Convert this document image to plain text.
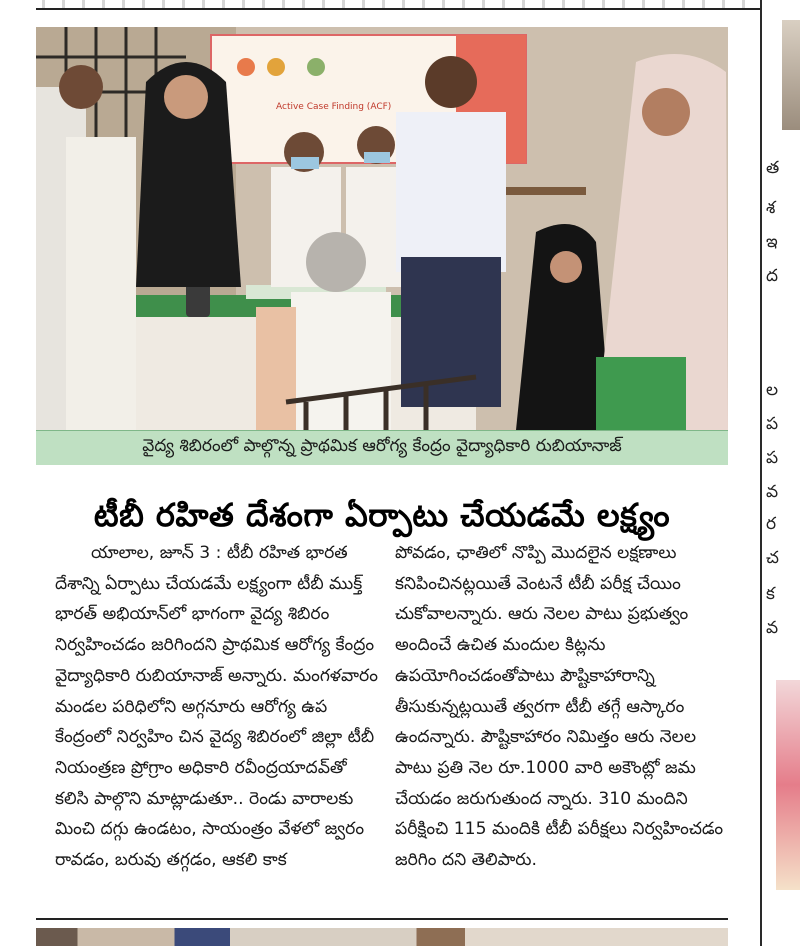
Active Case Finding (ACF)
వైద్య శిబిరంలో పాల్గొన్న ప్రాథమిక ఆరోగ్య కేంద్రం వైద్యాధికారి రుబియానాజ్
టీబీ రహిత దేశంగా ఏర్పాటు చేయడమే లక్ష్యం

యాలాల, జూన్ 3 : టీబీ రహిత భారత దేశాన్ని ఏర్పాటు చేయడమే లక్ష్యంగా టీబీ ముక్త్ భారత్ అభియాన్‌లో భాగంగా వైద్య శిబిరం నిర్వహించడం జరిగిందని ప్రాథమిక ఆరోగ్య కేంద్రం వైద్యాధికారి రుబియానాజ్ అన్నారు. మంగళవారం మండల పరిధిలోని అగ్గనూరు ఆరోగ్య ఉప కేంద్రంలో నిర్వహిం చిన వైద్య శిబిరంలో జిల్లా టీబీ నియంత్రణ ప్రోగ్రాం అధికారి రవీంద్రయాదవ్‌తో కలిసి పాల్గొని మాట్లాడుతూ.. రెండు వారాలకు మించి దగ్గు ఉండటం, సాయంత్రం వేళలో జ్వరం రావడం, బరువు తగ్గడం, ఆకలి కాక

పోవడం, ఛాతిలో నొప్పి మొదలైన లక్షణాలు కనిపించినట్లయితే వెంటనే టీబీ పరీక్ష చేయిం చుకోవాలన్నారు. ఆరు నెలల పాటు ప్రభుత్వం అందించే ఉచిత మందుల కిట్లను ఉపయోగించడంతోపాటు పౌష్టికాహారాన్ని తీసుకున్నట్లయితే త్వరగా టీబీ తగ్గే ఆస్కారం ఉందన్నారు. పౌష్టికాహారం నిమిత్తం ఆరు నెలల పాటు ప్రతి నెల రూ.1000 వారి అకౌంట్లో జమ చేయడం జరుగుతుంద న్నారు. 310 మందిని పరీక్షించి 115 మందికి టీబీ పరీక్షలు నిర్వహించడం జరిగిం దని తెలిపారు.

త
శ
ఇ
ద
ల
ప
ప
వ
ర
చ
క
వ
